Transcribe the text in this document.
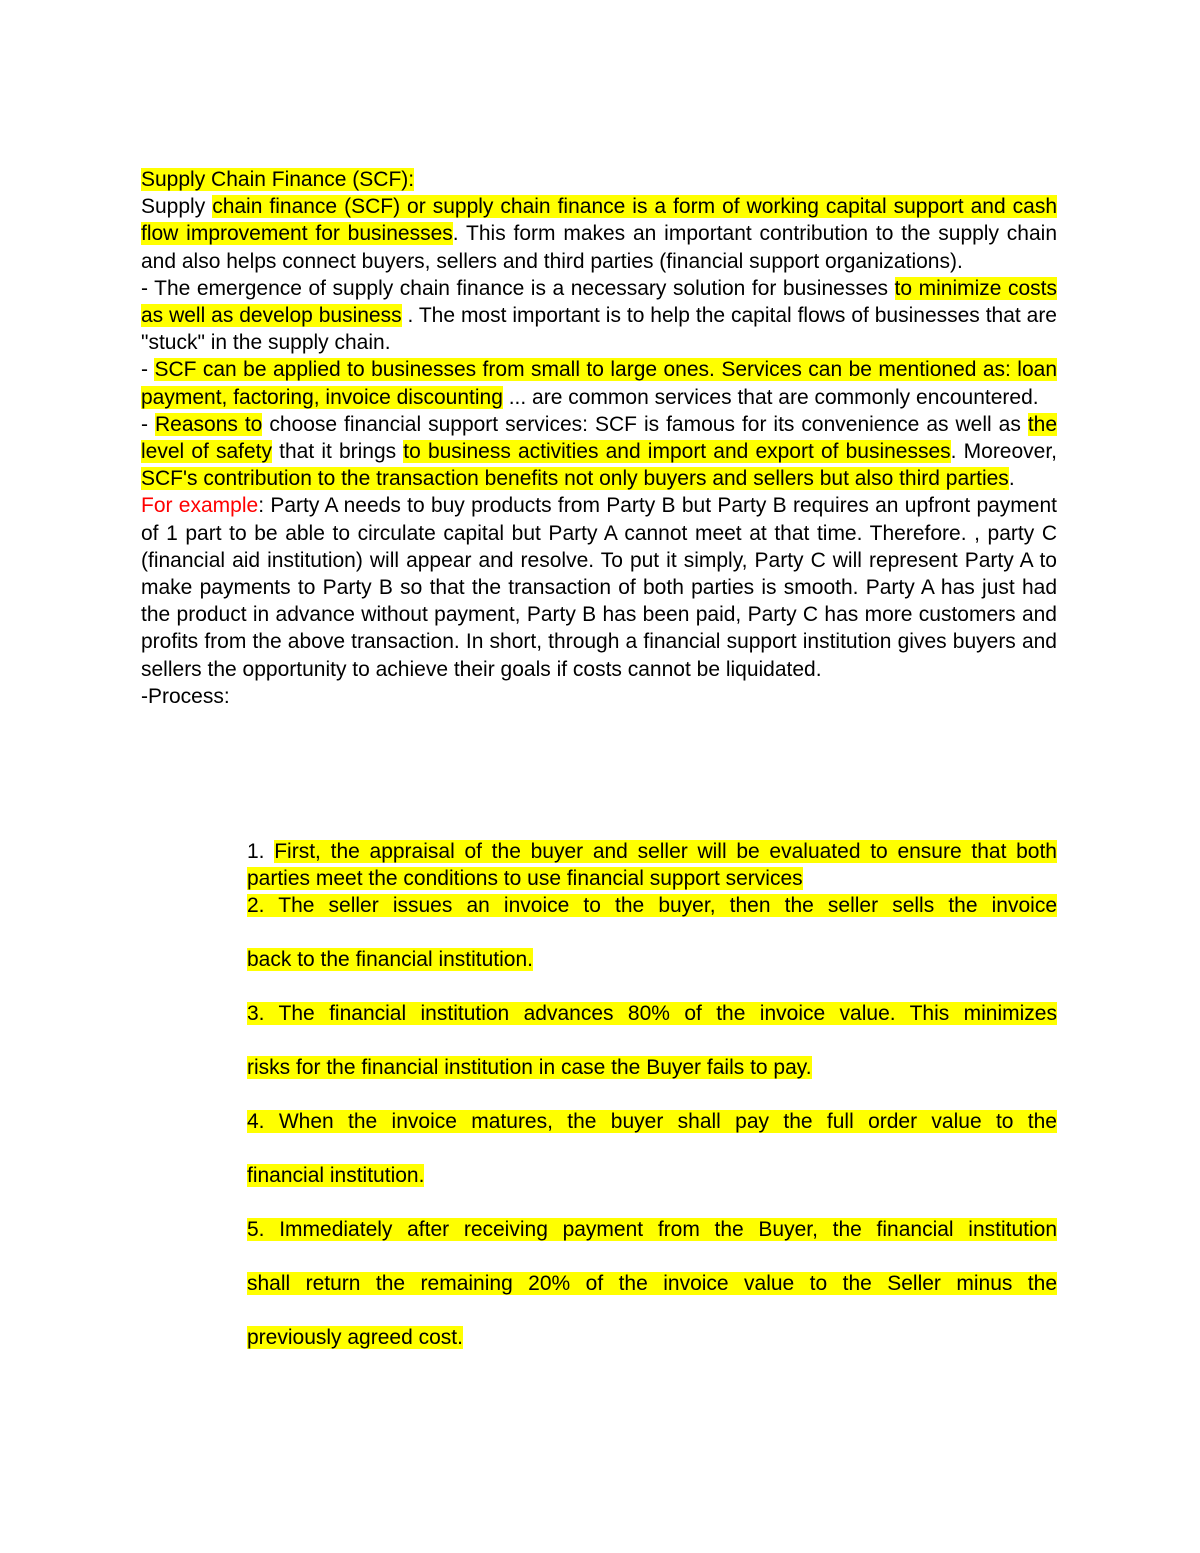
Supply Chain Finance (SCF):

Supply chain finance (SCF) or supply chain finance is a form of working capital support and cash flow improvement for businesses. This form makes an important contribution to the supply chain and also helps connect buyers, sellers and third parties (financial support organizations).

- The emergence of supply chain finance is a necessary solution for businesses to minimize costs as well as develop business . The most important is to help the capital flows of businesses that are "stuck" in the supply chain.

- SCF can be applied to businesses from small to large ones. Services can be mentioned as: loan payment, factoring, invoice discounting ... are common services that are commonly encountered.

- Reasons to choose financial support services: SCF is famous for its convenience as well as the level of safety that it brings to business activities and import and export of businesses. Moreover, SCF's contribution to the transaction benefits not only buyers and sellers but also third parties.

For example: Party A needs to buy products from Party B but Party B requires an upfront payment of 1 part to be able to circulate capital but Party A cannot meet at that time. Therefore. , party C (financial aid institution) will appear and resolve. To put it simply, Party C will represent Party A to make payments to Party B so that the transaction of both parties is smooth. Party A has just had the product in advance without payment, Party B has been paid, Party C has more customers and profits from the above transaction. In short, through a financial support institution gives buyers and sellers the opportunity to achieve their goals if costs cannot be liquidated.

-Process:

1. First, the appraisal of the buyer and seller will be evaluated to ensure that both parties meet the conditions to use financial support services

2. The seller issues an invoice to the buyer, then the seller sells the invoice
back to the financial institution.
3. The financial institution advances 80% of the invoice value. This minimizes
risks for the financial institution in case the Buyer fails to pay.
4. When the invoice matures, the buyer shall pay the full order value to the
financial institution.
5. Immediately after receiving payment from the Buyer, the financial institution
shall return the remaining 20% of the invoice value to the Seller minus the
previously agreed cost.
